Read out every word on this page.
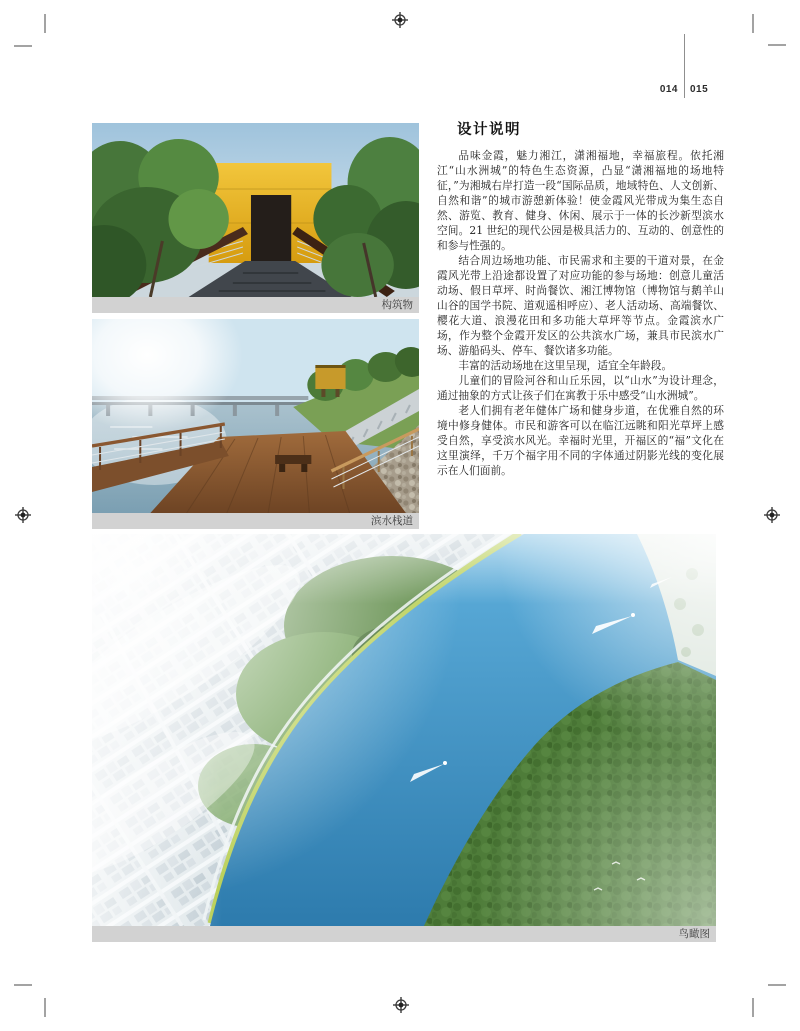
014 015
设计说明

品味金霞，魅力湘江，潇湘福地，幸福旅程。依托湘江“山水洲城”的特色生态资源，凸显“潇湘福地的场地特征，”为湘城右岸打造一段“国际品质，地域特色、人文创新、自然和谐”的城市游憩新体验！使金霞风光带成为集生态自然、游览、教育、健身、休闲、展示于一体的长沙新型滨水空间。21 世纪的现代公园是极具活力的、互动的、创意性的和参与性强的。

结合周边场地功能、市民需求和主要的干道对景，在金霞风光带上沿途都设置了对应功能的参与场地：创意儿童活动场、假日草坪、时尚餐饮、湘江博物馆（博物馆与鹅羊山山谷的国学书院、道观遥相呼应）、老人活动场、高端餐饮、樱花大道、浪漫花田和多功能大草坪等节点。金霞滨水广场，作为整个金霞开发区的公共滨水广场，兼具市民滨水广场、游船码头、停车、餐饮诸多功能。

丰富的活动场地在这里呈现，适宜全年龄段。

儿童们的冒险河谷和山丘乐园，以“山水”为设计理念，通过抽象的方式让孩子们在寓教于乐中感受“山水洲城”。

老人们拥有老年健体广场和健身步道，在优雅自然的环境中修身健体。市民和游客可以在临江远眺和阳光草坪上感受自然，享受滨水风光。幸福时光里，开福区的“福”文化在这里演绎，千万个福字用不同的字体通过阴影光线的变化展示在人们面前。

构筑物
滨水栈道
鸟瞰图
